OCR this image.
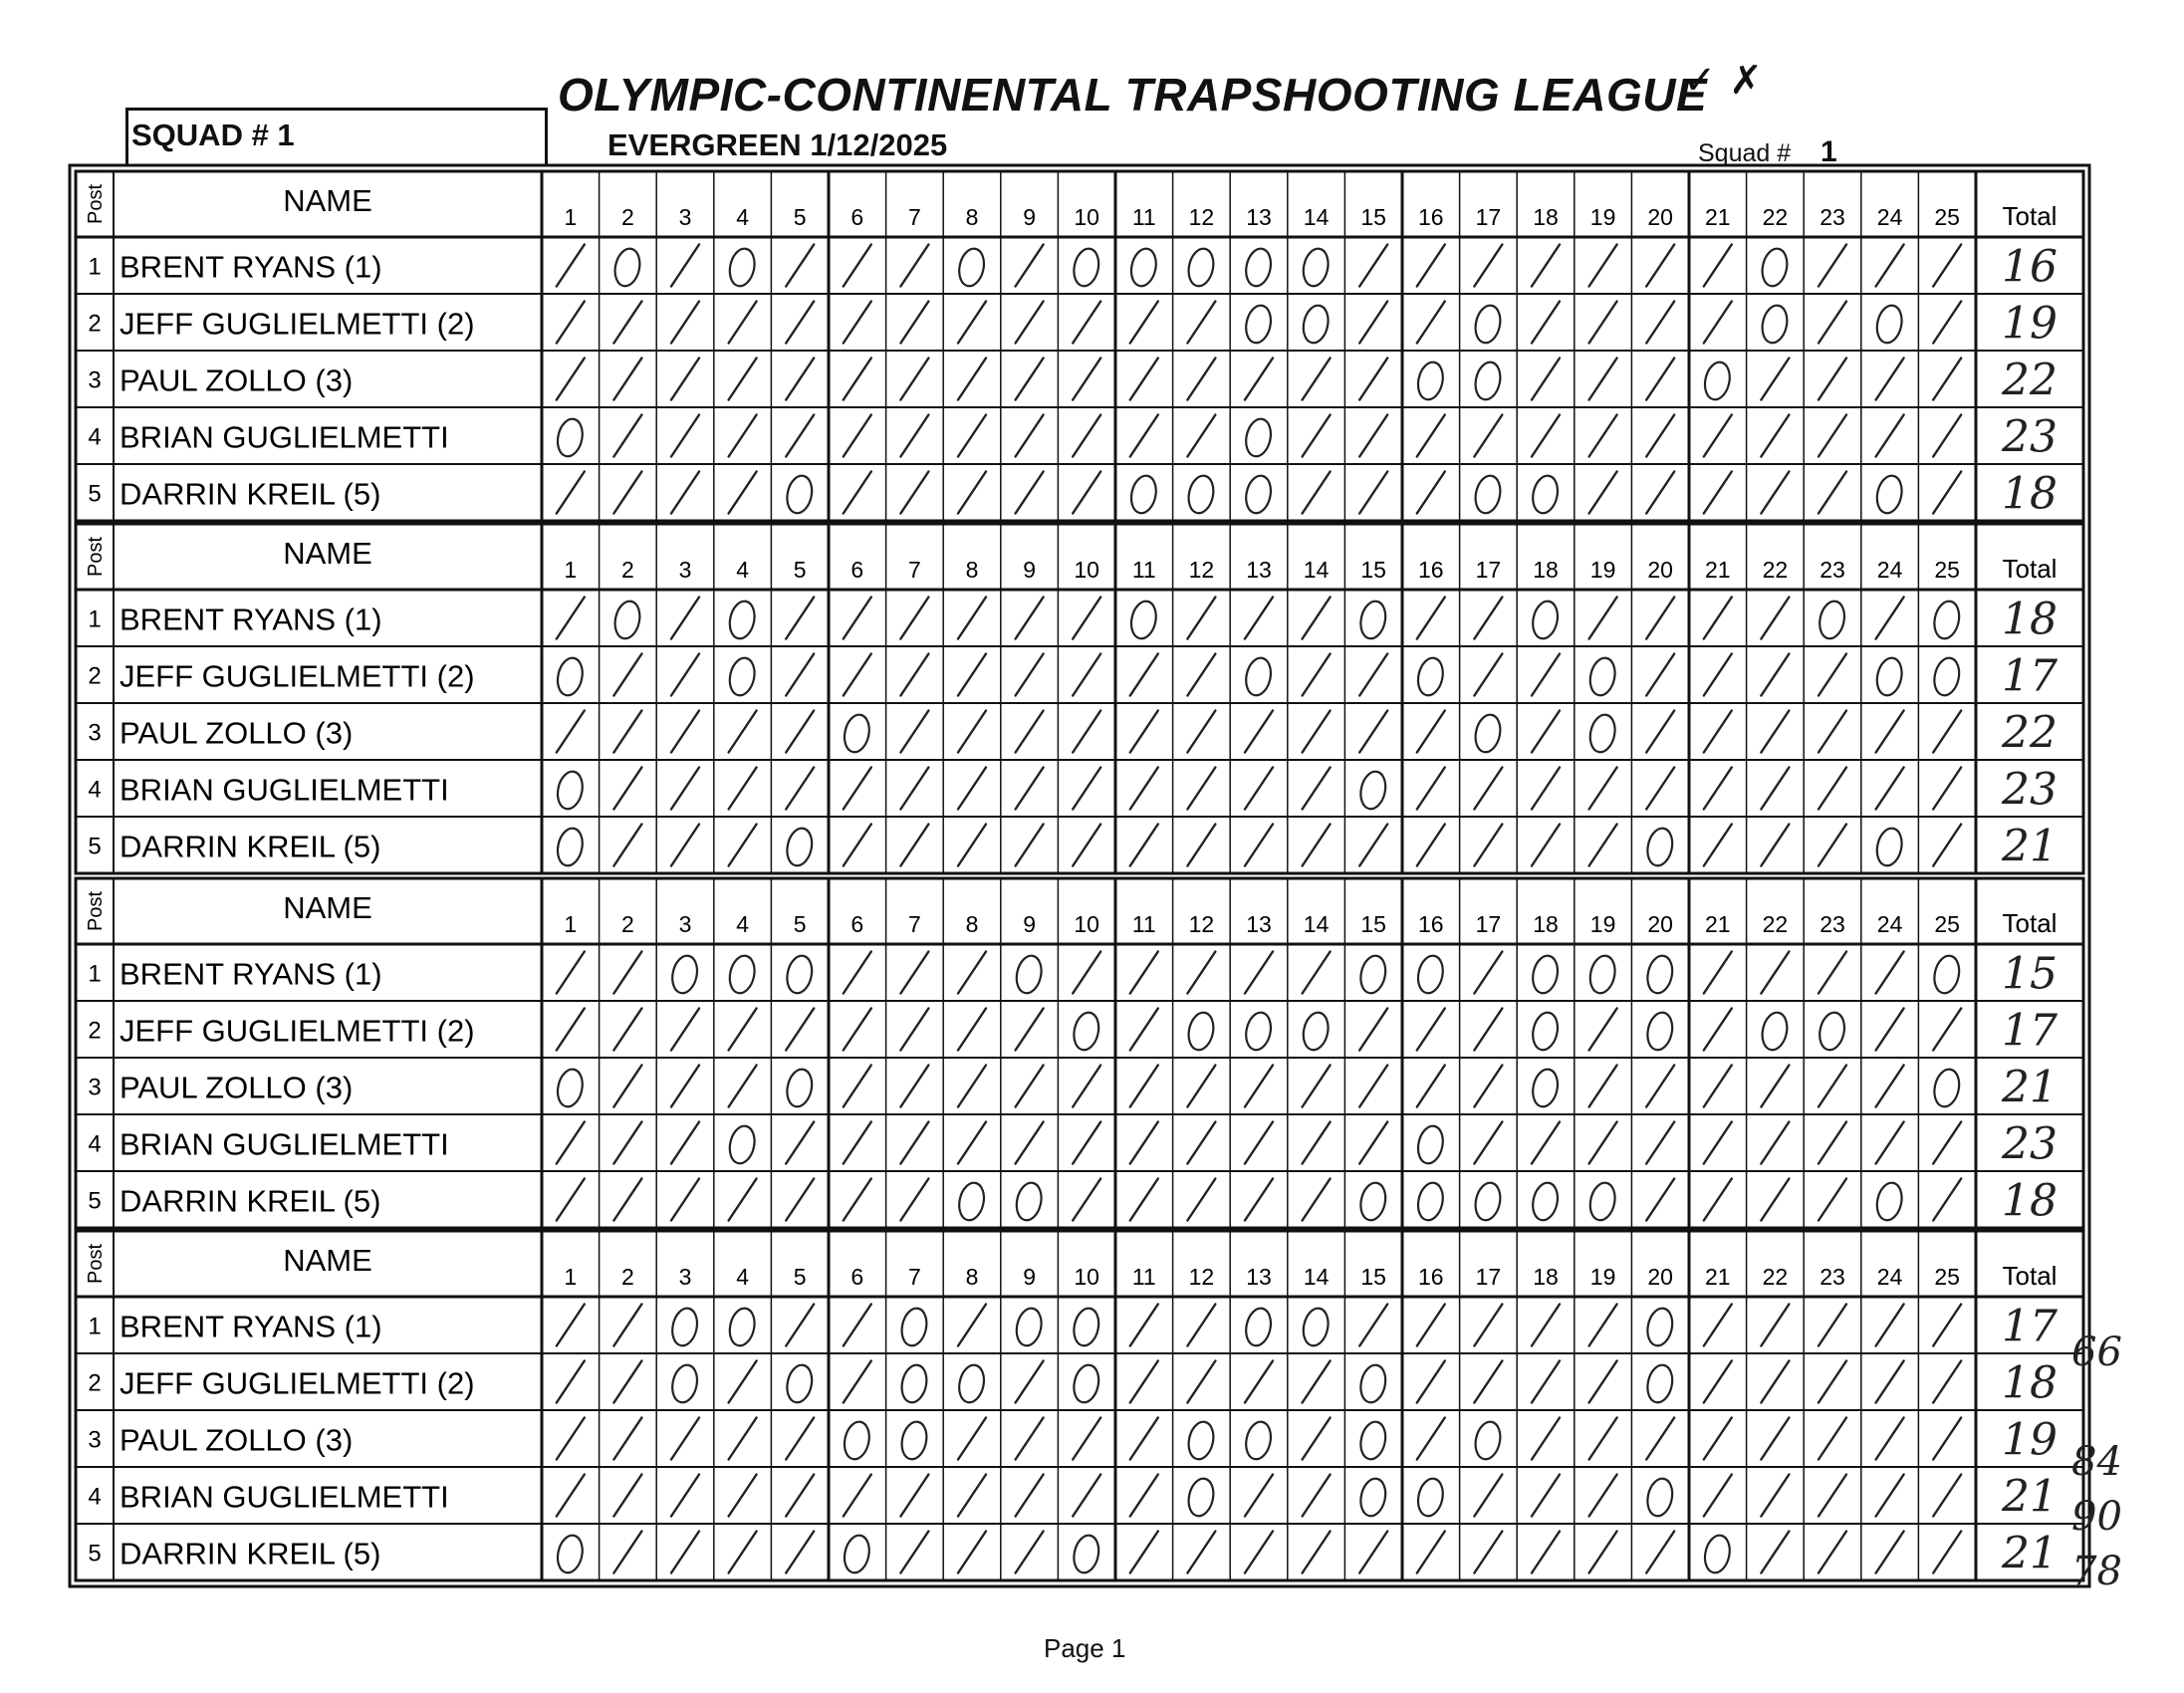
OLYMPIC-CONTINENTAL TRAPSHOOTING LEAGUE
✓ ✗
SQUAD # 1	EVERGREEN 1/12/2025	Squad # 1
Post	NAME	1 2 3 4 5 6 7 8 9 10 11 12 13 14 15 16 17 18 19 20 21 22 23 24 25 Total
1 BRENT RYANS (1)	16
2 JEFF GUGLIELMETTI (2)	19
3 PAUL ZOLLO (3)	22
4 BRIAN GUGLIELMETTI	23
5 DARRIN KREIL (5)	18
Post	NAME	1 2 3 4 5 6 7 8 9 10 11 12 13 14 15 16 17 18 19 20 21 22 23 24 25 Total
1 BRENT RYANS (1)	18
2 JEFF GUGLIELMETTI (2)	17
3 PAUL ZOLLO (3)	22
4 BRIAN GUGLIELMETTI	23
5 DARRIN KREIL (5)	21
Post	NAME	1 2 3 4 5 6 7 8 9 10 11 12 13 14 15 16 17 18 19 20 21 22 23 24 25 Total
1 BRENT RYANS (1)	15
2 JEFF GUGLIELMETTI (2)	17
3 PAUL ZOLLO (3)	21
4 BRIAN GUGLIELMETTI	23
5 DARRIN KREIL (5)	18
Post	NAME	1 2 3 4 5 6 7 8 9 10 11 12 13 14 15 16 17 18 19 20 21 22 23 24 25 Total
1 BRENT RYANS (1)	17
2 JEFF GUGLIELMETTI (2)	18
3 PAUL ZOLLO (3)	19
4 BRIAN GUGLIELMETTI	21
5 DARRIN KREIL (5)	21
66
84
90
78
Page 1
